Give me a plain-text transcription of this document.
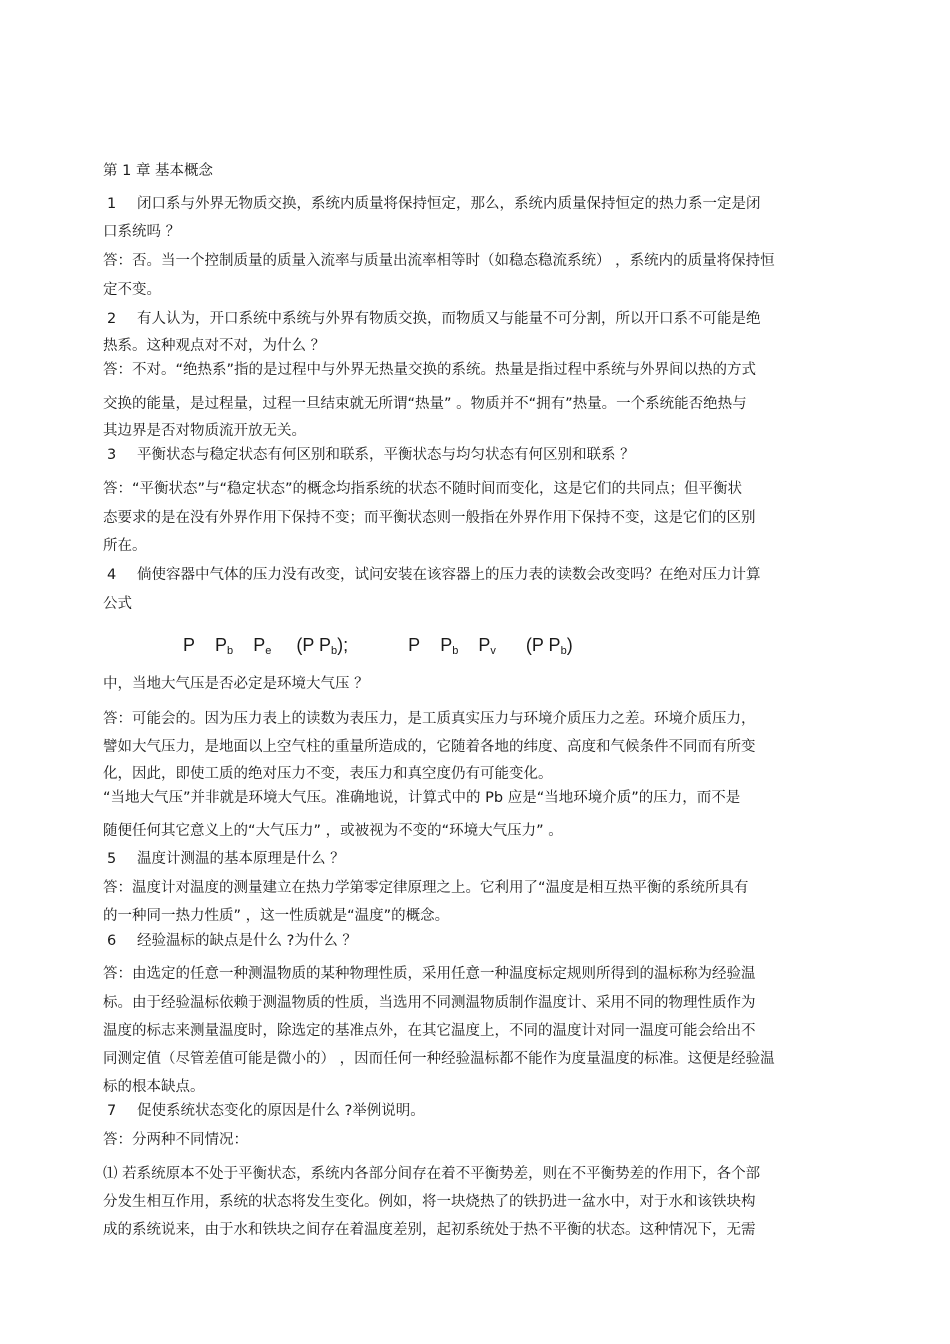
第 1 章 基本概念
1 闭口系与外界无物质交换，系统内质量将保持恒定，那么，系统内质量保持恒定的热力系一定是闭
口系统吗 ？
答：否。当一个控制质量的质量入流率与质量出流率相等时（如稳态稳流系统） ，系统内的质量将保持恒
定不变。
2 有人认为，开口系统中系统与外界有物质交换，而物质又与能量不可分割，所以开口系不可能是绝
热系。这种观点对不对，为什么 ？
答：不对。“绝热系”指的是过程中与外界无热量交换的系统。热量是指过程中系统与外界间以热的方式
交换的能量，是过程量，过程一旦结束就无所谓“热量” 。物质并不“拥有”热量。一个系统能否绝热与
其边界是否对物质流开放无关。
3 平衡状态与稳定状态有何区别和联系，平衡状态与均匀状态有何区别和联系 ？
答：“平衡状态”与“稳定状态”的概念均指系统的状态不随时间而变化，这是它们的共同点；但平衡状
态要求的是在没有外界作用下保持不变；而平衡状态则一般指在外界作用下保持不变，这是它们的区别
所在。
4 倘使容器中气体的压力没有改变，试问安装在该容器上的压力表的读数会改变吗？在绝对压力计算
公式
P $P_b$ $P_e$ (P $P_b$);	P $P_b$ $P_v$ (P $P_b$)
中，当地大气压是否必定是环境大气压 ？
答：可能会的。因为压力表上的读数为表压力，是工质真实压力与环境介质压力之差。环境介质压力，
譬如大气压力，是地面以上空气柱的重量所造成的，它随着各地的纬度、高度和气候条件不同而有所变
化，因此，即使工质的绝对压力不变，表压力和真空度仍有可能变化。
“当地大气压”并非就是环境大气压。准确地说，计算式中的 Pb 应是“当地环境介质”的压力，而不是
随便任何其它意义上的“大气压力” ，或被视为不变的“环境大气压力” 。
5 温度计测温的基本原理是什么 ？
答：温度计对温度的测量建立在热力学第零定律原理之上。它利用了“温度是相互热平衡的系统所具有
的一种同一热力性质” ，这一性质就是“温度”的概念。
6 经验温标的缺点是什么 ?为什么 ？
答：由选定的任意一种测温物质的某种物理性质，采用任意一种温度标定规则所得到的温标称为经验温
标。由于经验温标依赖于测温物质的性质，当选用不同测温物质制作温度计、采用不同的物理性质作为
温度的标志来测量温度时，除选定的基准点外，在其它温度上，不同的温度计对同一温度可能会给出不
同测定值（尽管差值可能是微小的） ，因而任何一种经验温标都不能作为度量温度的标准。这便是经验温
标的根本缺点。
7 促使系统状态变化的原因是什么 ?举例说明。
答：分两种不同情况：
⑴ 若系统原本不处于平衡状态，系统内各部分间存在着不平衡势差，则在不平衡势差的作用下，各个部
分发生相互作用，系统的状态将发生变化。例如，将一块烧热了的铁扔进一盆水中，对于水和该铁块构
成的系统说来，由于水和铁块之间存在着温度差别，起初系统处于热不平衡的状态。这种情况下，无需
